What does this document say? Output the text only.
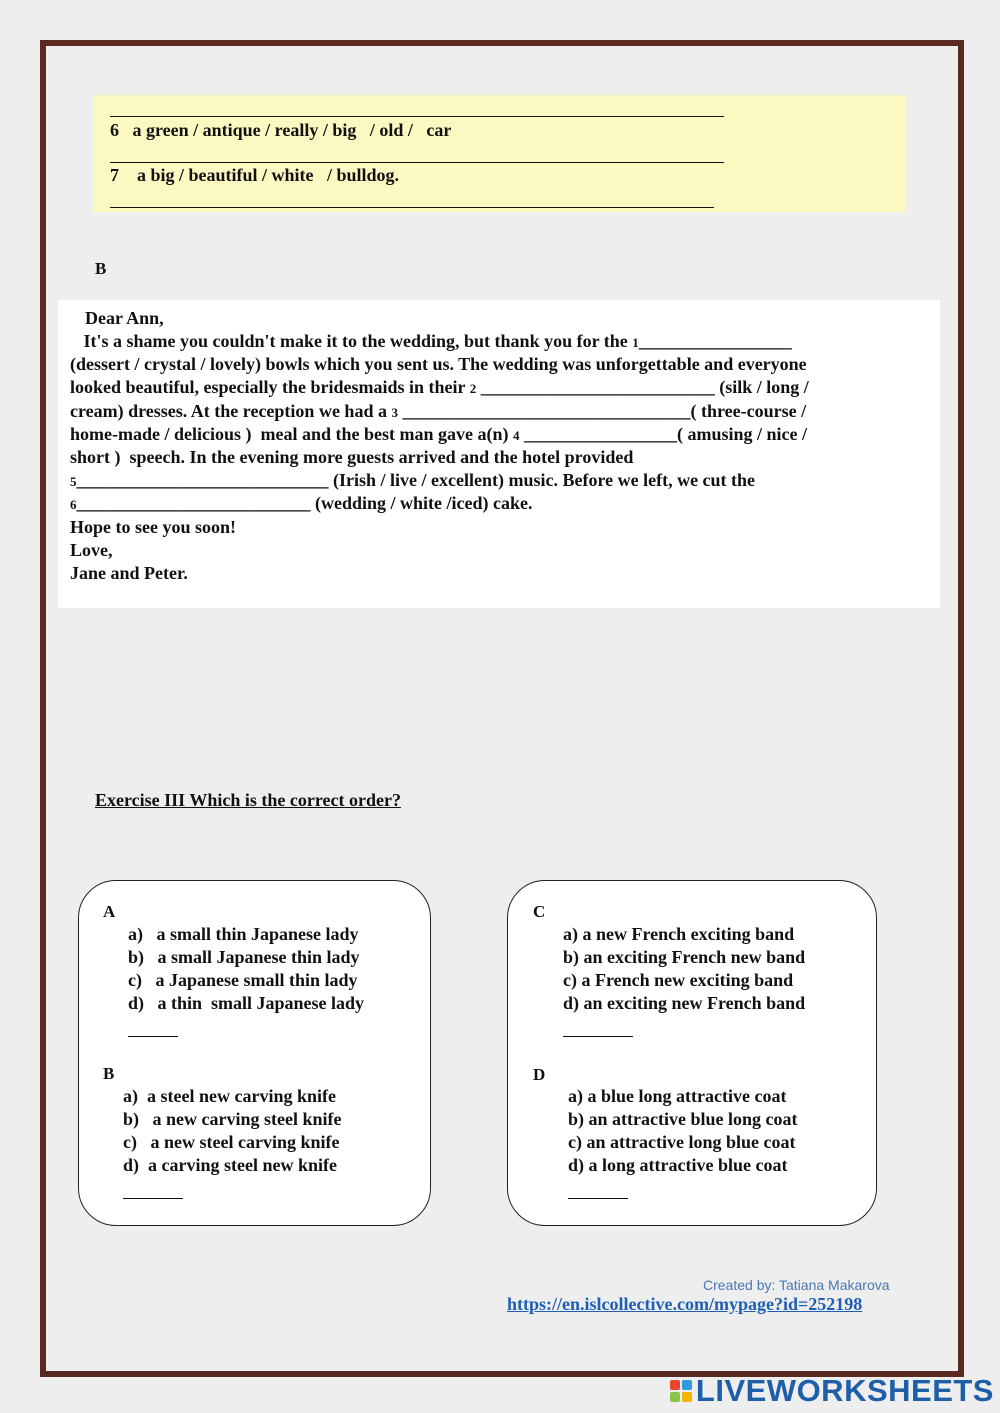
6   a green / antique / really / big   / old /   car
7    a big / beautiful / white   / bulldog.
B
Dear Ann,
It's a shame you couldn't make it to the wedding, but thank you for the 1_________________
(dessert / crystal / lovely) bowls which you sent us. The wedding was unforgettable and everyone
looked beautiful, especially the bridesmaids in their 2 __________________________ (silk / long /
cream) dresses. At the reception we had a 3 ________________________________( three-course /
home-made / delicious )  meal and the best man gave a(n) 4 _________________( amusing / nice /
short )  speech. In the evening more guests arrived and the hotel provided
5____________________________ (Irish / live / excellent) music. Before we left, we cut the
6__________________________ (wedding / white /iced) cake.
Hope to see you soon!
Love,
Jane and Peter.
Exercise III Which is the correct order?
A
a)   a small thin Japanese lady
b)   a small Japanese thin lady
c)   a Japanese small thin lady
d)   a thin  small Japanese lady
B
a)  a steel new carving knife
b)   a new carving steel knife
c)   a new steel carving knife
d)  a carving steel new knife
C
a) a new French exciting band
b) an exciting French new band
c) a French new exciting band
d) an exciting new French band
D
a) a blue long attractive coat
b) an attractive blue long coat
c) an attractive long blue coat
d) a long attractive blue coat
Created by: Tatiana Makarova
https://en.islcollective.com/mypage?id=252198
LIVEWORKSHEETS
